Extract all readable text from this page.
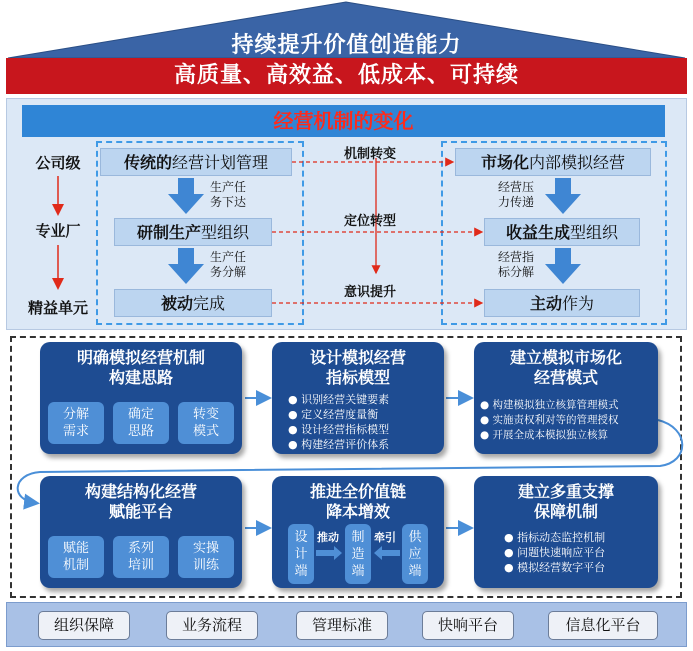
持续提升价值创造能力
高质量、高效益、低成本、可持续
经营机制的变化
公司级
专业厂
精益单元
传统的经营计划管理
研制生产型组织
被动完成
市场化内部模拟经营
收益生成型组织
主动作为
生产任
务下达
生产任
务分解
经营压
力传递
经营指
标分解
机制转变
定位转型
意识提升
明确模拟经营机制
构建思路
分解
需求
确定
思路
转变
模式
设计模拟经营
指标模型
● 识别经营关键要素
● 定义经营度量衡
● 设计经营指标模型
● 构建经营评价体系
建立模拟市场化
经营模式
● 构建模拟独立核算管理模式
● 实施责权利对等的管理授权
● 开展全成本模拟独立核算
构建结构化经营
赋能平台
赋能
机制
系列
培训
实操
训练
推进全价值链
降本增效
设
计
端
制
造
端
供
应
端
推动	牵引
建立多重支撑
保障机制
● 指标动态监控机制
● 问题快速响应平台
● 模拟经营数字平台
组织保障	业务流程	管理标准	快响平台	信息化平台
